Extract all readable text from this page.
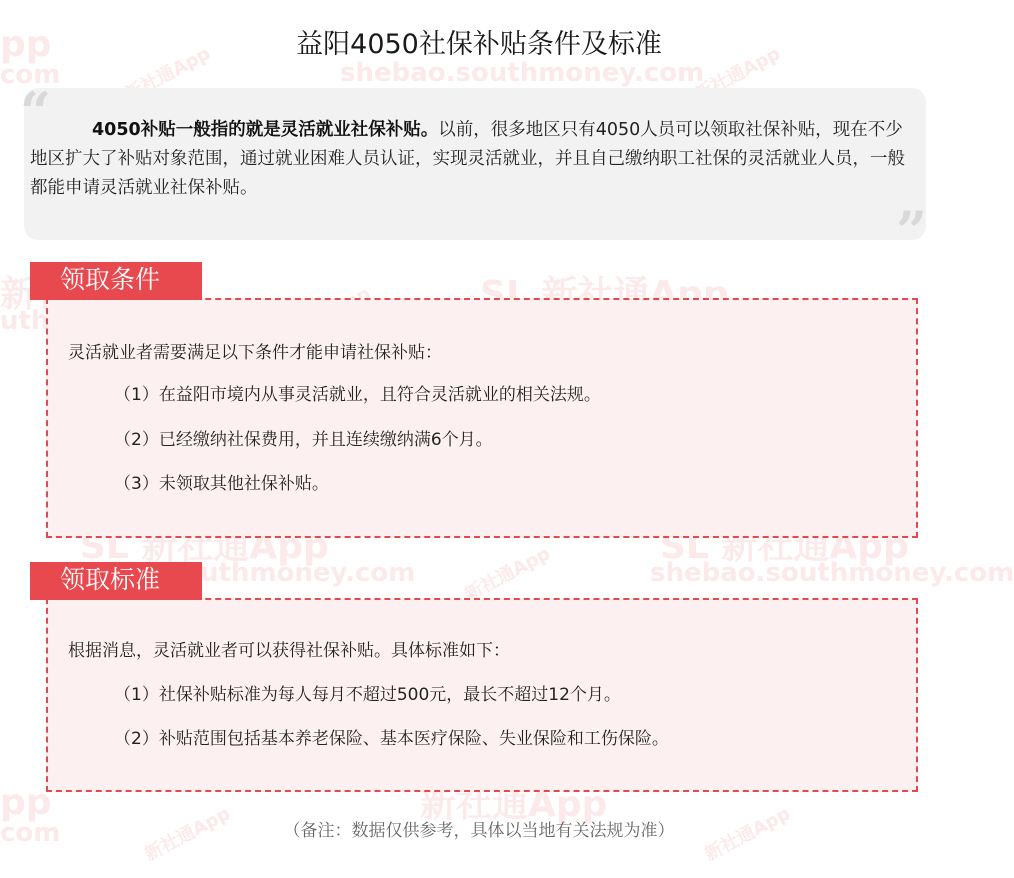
pp
com	新社通App	shebao.southmoney.com
新社通App
SL 新社通App
SL 新社通App	SL 新社通App
uthmoney.com	shebao.southmoney.com
新社通App
pp
com
新社通App
新社通App	新社通App
益阳4050社保补贴条件及标准
“
”
4050补贴一般指的就是灵活就业社保补贴。以前，很多地区只有4050人员可以领取社保补贴，现在不少地区扩大了补贴对象范围，通过就业困难人员认证，实现灵活就业，并且自己缴纳职工社保的灵活就业人员，一般都能申请灵活就业社保补贴。
灵活就业者需要满足以下条件才能申请社保补贴：
（1）在益阳市境内从事灵活就业，且符合灵活就业的相关法规。
（2）已经缴纳社保费用，并且连续缴纳满6个月。
（3）未领取其他社保补贴。
领取条件
根据消息，灵活就业者可以获得社保补贴。具体标准如下：
（1）社保补贴标准为每人每月不超过500元，最长不超过12个月。
（2）补贴范围包括基本养老保险、基本医疗保险、失业保险和工伤保险。
领取标准
（备注：数据仅供参考，具体以当地有关法规为准）
